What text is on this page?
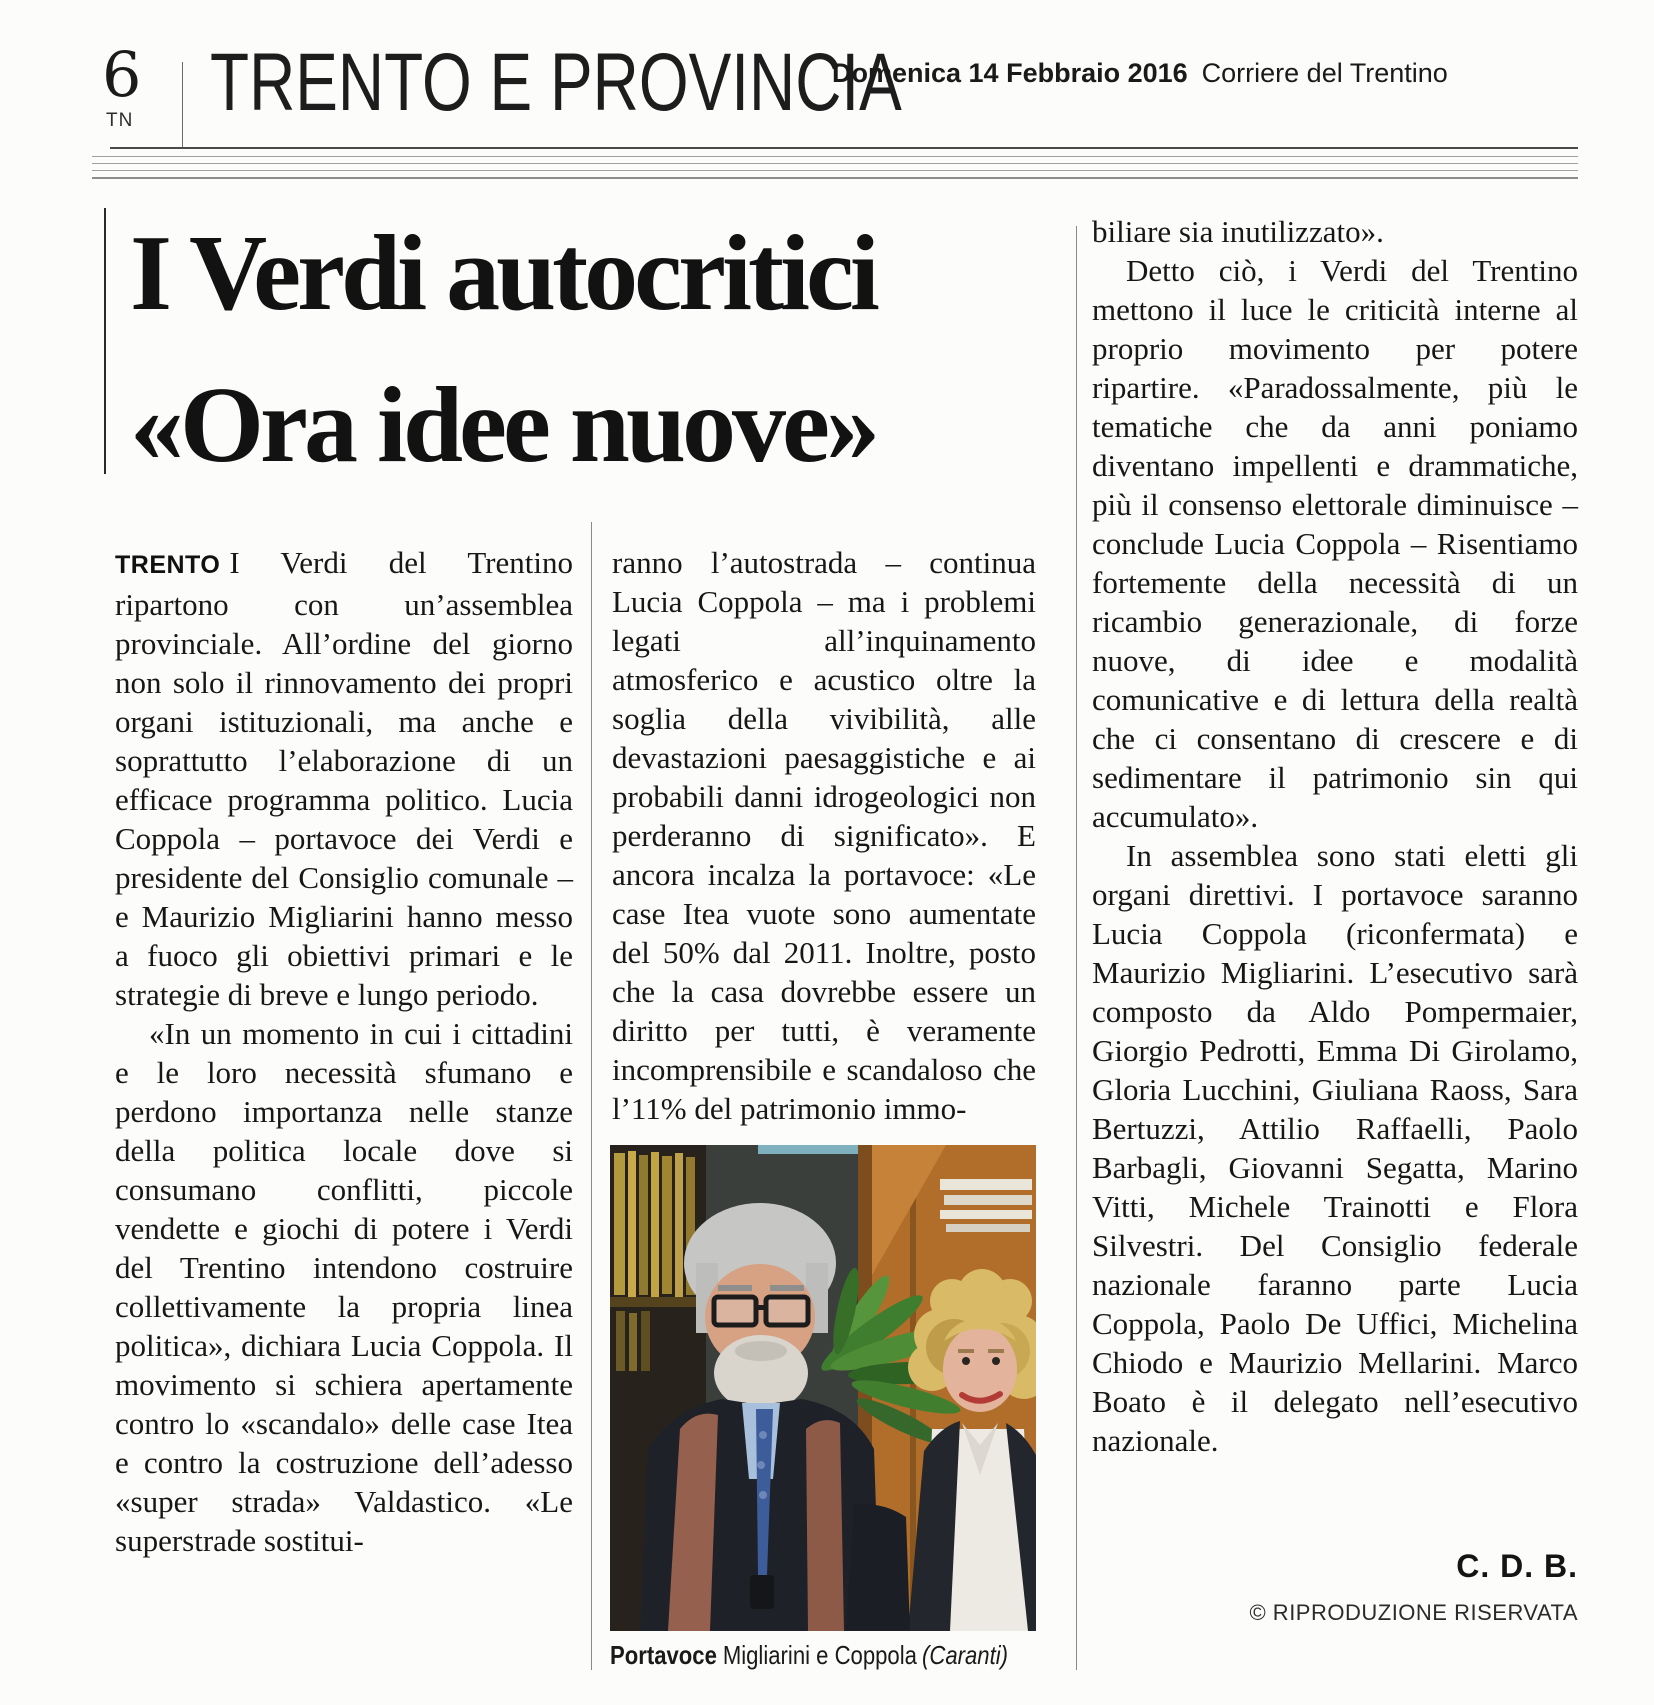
6
TN TRENTO E PROVINCIA
Domenica 14 Febbraio 2016 Corriere del Trentino
I Verdi autocritici
«Ora idee nuove»

TRENTO I Verdi del Trentino ripartono con un’assemblea provinciale. All’ordine del giorno non solo il rinnovamento dei propri organi istituzionali, ma anche e soprattutto l’elaborazione di un efficace programma politico. Lucia Coppola – portavoce dei Verdi e presidente del Consiglio comunale – e Maurizio Migliarini hanno messo a fuoco gli obiettivi primari e le strategie di breve e lungo periodo.

«In un momento in cui i cittadini e le loro necessità sfumano e perdono importanza nelle stanze della politica locale dove si consumano conflitti, piccole vendette e giochi di potere i Verdi del Trentino intendono costruire collettivamente la propria linea politica», dichiara Lucia Coppola. Il movimento si schiera apertamente contro lo «scandalo» delle case Itea e contro la costruzione dell’adesso «super strada» Valdastico. «Le superstrade sostitui-

ranno l’autostrada – continua Lucia Coppola – ma i problemi legati all’inquinamento atmosferico e acustico oltre la soglia della vivibilità, alle devastazioni paesaggistiche e ai probabili danni idrogeologici non perderanno di significato». E ancora incalza la portavoce: «Le case Itea vuote sono aumentate del 50% dal 2011. Inoltre, posto che la casa dovrebbe essere un diritto per tutti, è veramente incomprensibile e scandaloso che l’11% del patrimonio immo-

biliare sia inutilizzato».

Detto ciò, i Verdi del Trentino mettono il luce le criticità interne al proprio movimento per potere ripartire. «Paradossalmente, più le tematiche che da anni poniamo diventano impellenti e drammatiche, più il consenso elettorale diminuisce – conclude Lucia Coppola – Risentiamo fortemente della necessità di un ricambio generazionale, di forze nuove, di idee e modalità comunicative e di lettura della realtà che ci consentano di crescere e di sedimentare il patrimonio sin qui accumulato».

In assemblea sono stati eletti gli organi direttivi. I portavoce saranno Lucia Coppola (riconfermata) e Maurizio Migliarini. L’esecutivo sarà composto da Aldo Pompermaier, Giorgio Pedrotti, Emma Di Girolamo, Gloria Lucchini, Giuliana Raoss, Sara Bertuzzi, Attilio Raffaelli, Paolo Barbagli, Giovanni Segatta, Marino Vitti, Michele Trainotti e Flora Silvestri. Del Consiglio federale nazionale faranno parte Lucia Coppola, Paolo De Uffici, Michelina Chiodo e Maurizio Mellarini. Marco Boato è il delegato nell’esecutivo nazionale.

C. D. B.
© RIPRODUZIONE RISERVATA
Portavoce Migliarini e Coppola (Caranti)
